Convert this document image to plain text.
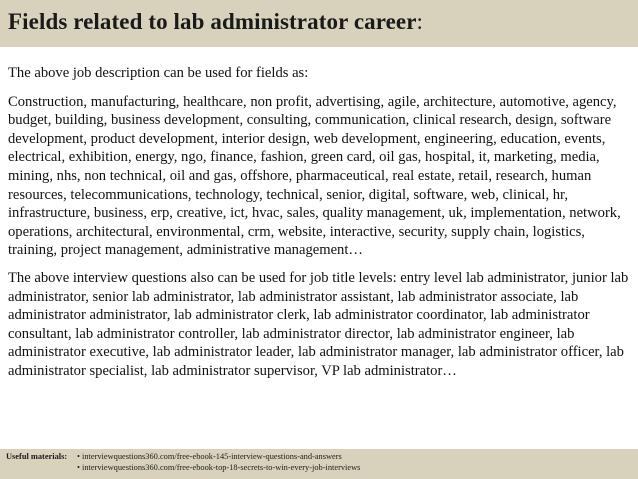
Fields related to lab administrator career:

The above job description can be used for fields as:

Construction, manufacturing, healthcare, non profit, advertising, agile, architecture, automotive, agency, budget, building, business development, consulting, communication, clinical research, design, software development, product development, interior design, web development, engineering, education, events, electrical, exhibition, energy, ngo, finance, fashion, green card, oil gas, hospital, it, marketing, media, mining, nhs, non technical, oil and gas, offshore, pharmaceutical, real estate, retail, research, human resources, telecommunications, technology, technical, senior, digital, software, web, clinical, hr, infrastructure, business, erp, creative, ict, hvac, sales, quality management, uk, implementation, network, operations, architectural, environmental, crm, website, interactive, security, supply chain, logistics, training, project management, administrative management…

The above interview questions also can be used for job title levels: entry level lab administrator, junior lab administrator, senior lab administrator, lab administrator assistant, lab administrator associate, lab administrator administrator, lab administrator clerk, lab administrator coordinator, lab administrator consultant, lab administrator controller, lab administrator director, lab administrator engineer, lab administrator executive, lab administrator leader, lab administrator manager, lab administrator officer, lab administrator specialist, lab administrator supervisor, VP lab administrator…

Useful materials: • interviewquestions360.com/free-ebook-145-interview-questions-and-answers
• interviewquestions360.com/free-ebook-top-18-secrets-to-win-every-job-interviews
